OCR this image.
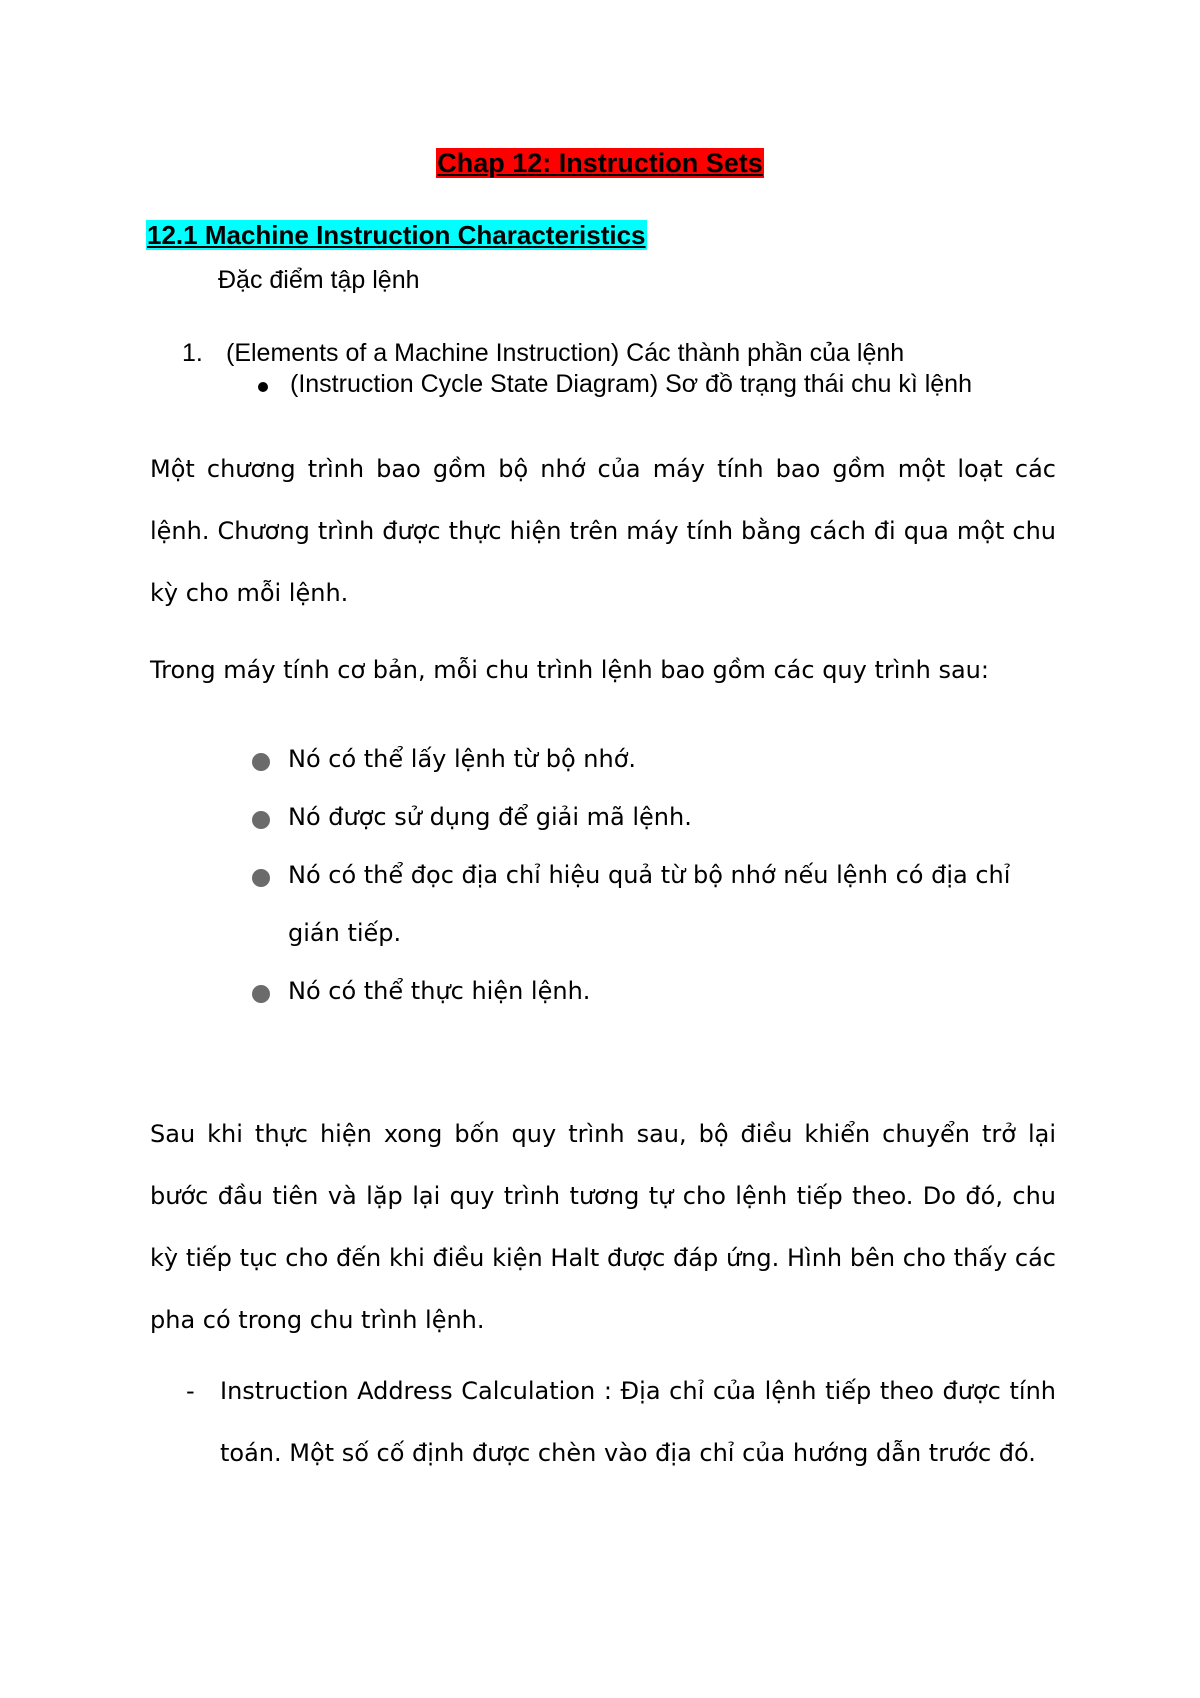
Chap 12: Instruction Sets
12.1 Machine Instruction Characteristics
Đặc điểm tập lệnh
1. (Elements of a Machine Instruction) Các thành phần của lệnh
(Instruction Cycle State Diagram) Sơ đồ trạng thái chu kì lệnh
Một chương trình bao gồm bộ nhớ của máy tính bao gồm một loạt các lệnh. Chương trình được thực hiện trên máy tính bằng cách đi qua một chu kỳ cho mỗi lệnh.
Trong máy tính cơ bản, mỗi chu trình lệnh bao gồm các quy trình sau:
Nó có thể lấy lệnh từ bộ nhớ.
Nó được sử dụng để giải mã lệnh.
Nó có thể đọc địa chỉ hiệu quả từ bộ nhớ nếu lệnh có địa chỉ gián tiếp.
Nó có thể thực hiện lệnh.
Sau khi thực hiện xong bốn quy trình sau, bộ điều khiển chuyển trở lại bước đầu tiên và lặp lại quy trình tương tự cho lệnh tiếp theo. Do đó, chu kỳ tiếp tục cho đến khi điều kiện Halt được đáp ứng. Hình bên cho thấy các pha có trong chu trình lệnh.
- Instruction Address Calculation : Địa chỉ của lệnh tiếp theo được tính toán. Một số cố định được chèn vào địa chỉ của hướng dẫn trước đó.
